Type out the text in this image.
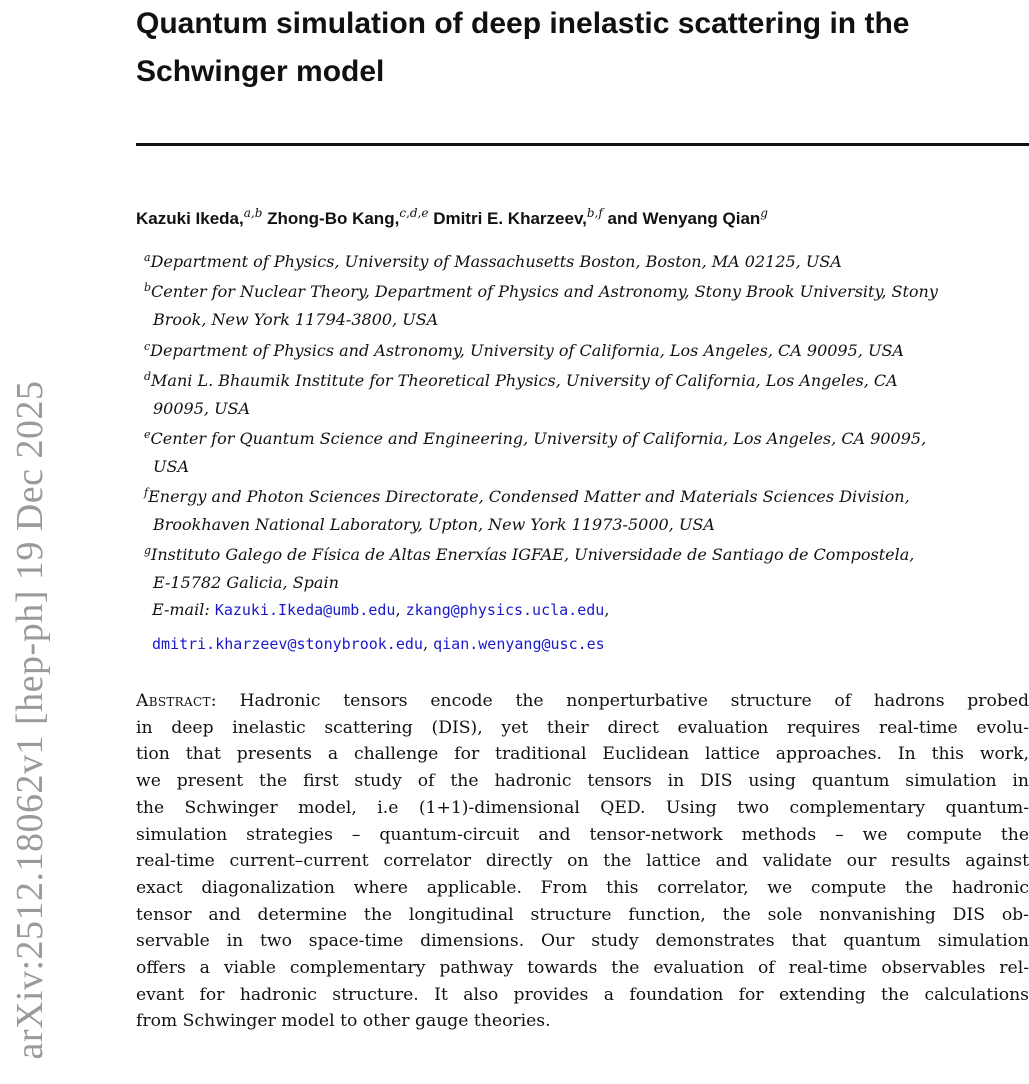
arXiv:2512.18062v1 [hep-ph] 19 Dec 2025
Quantum simulation of deep inelastic scattering in the
Schwinger model
Kazuki Ikeda,$^{a,b}$ Zhong-Bo Kang,$^{c,d,e}$ Dmitri E. Kharzeev,$^{b,f}$ and Wenyang Qian$^g$
$^a$Department of Physics, University of Massachusetts Boston, Boston, MA 02125, USA
$^b$Center for Nuclear Theory, Department of Physics and Astronomy, Stony Brook University, Stony
Brook, New York 11794-3800, USA
$^c$Department of Physics and Astronomy, University of California, Los Angeles, CA 90095, USA
$^d$Mani L. Bhaumik Institute for Theoretical Physics, University of California, Los Angeles, CA
90095, USA
$^e$Center for Quantum Science and Engineering, University of California, Los Angeles, CA 90095,
USA
$^f$Energy and Photon Sciences Directorate, Condensed Matter and Materials Sciences Division,
Brookhaven National Laboratory, Upton, New York 11973-5000, USA
$^g$Instituto Galego de Física de Altas Enerxías IGFAE, Universidade de Santiago de Compostela,
E-15782 Galicia, Spain
E-mail: Kazuki.Ikeda@umb.edu, zkang@physics.ucla.edu,
dmitri.kharzeev@stonybrook.edu, qian.wenyang@usc.es
Abstract: Hadronic tensors encode the nonperturbative structure of hadrons probed
in deep inelastic scattering (DIS), yet their direct evaluation requires real-time evolu-
tion that presents a challenge for traditional Euclidean lattice approaches. In this work,
we present the first study of the hadronic tensors in DIS using quantum simulation in
the Schwinger model, i.e (1+1)-dimensional QED. Using two complementary quantum-
simulation strategies – quantum-circuit and tensor-network methods – we compute the
real-time current–current correlator directly on the lattice and validate our results against
exact diagonalization where applicable. From this correlator, we compute the hadronic
tensor and determine the longitudinal structure function, the sole nonvanishing DIS ob-
servable in two space-time dimensions. Our study demonstrates that quantum simulation
offers a viable complementary pathway towards the evaluation of real-time observables rel-
evant for hadronic structure. It also provides a foundation for extending the calculations
from Schwinger model to other gauge theories.
